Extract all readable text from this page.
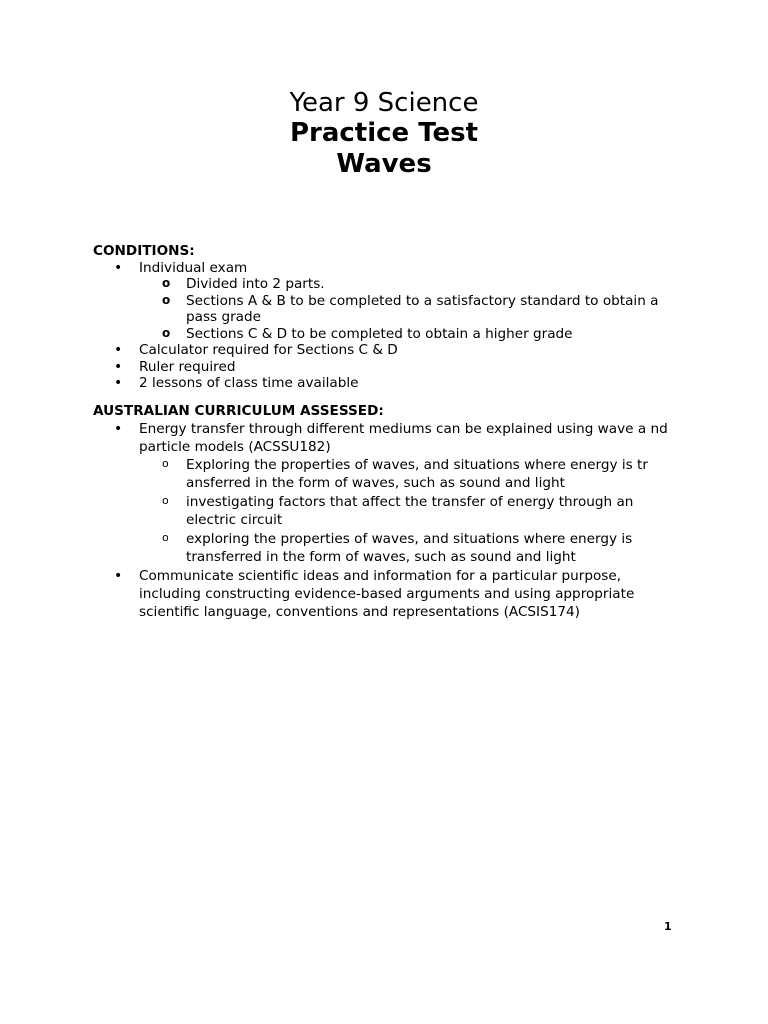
Year 9 Science
Practice Test
Waves
CONDITIONS:
• Individual exam
o Divided into 2 parts.
o Sections A & B to be completed to a satisfactory standard to obtain a pass grade
o Sections C & D to be completed to obtain a higher grade
• Calculator required for Sections C & D
• Ruler required
• 2 lessons of class time available
AUSTRALIAN CURRICULUM ASSESSED:
• Energy transfer through different mediums can be explained using wave a nd particle models (ACSSU182)
o Exploring the properties of waves, and situations where energy is tr ansferred in the form of waves, such as sound and light
o investigating factors that affect the transfer of energy through an electric circuit
o exploring the properties of waves, and situations where energy is transferred in the form of waves, such as sound and light
• Communicate scientific ideas and information for a particular purpose, including constructing evidence-based arguments and using appropriate scientific language, conventions and representations (ACSIS174)
1
